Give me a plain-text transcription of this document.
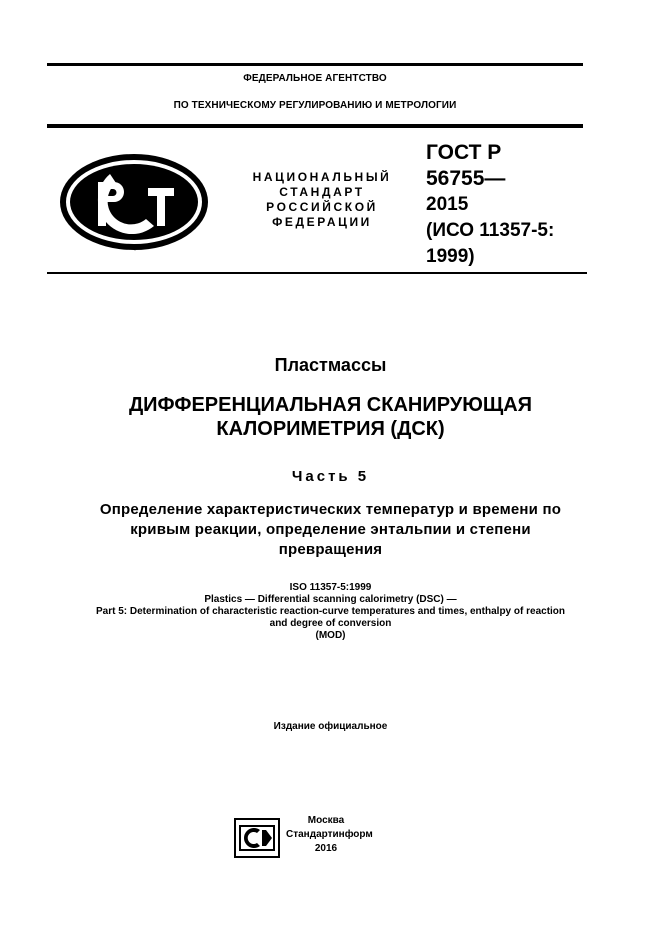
ФЕДЕРАЛЬНОЕ АГЕНТСТВО
ПО ТЕХНИЧЕСКОМУ РЕГУЛИРОВАНИЮ И МЕТРОЛОГИИ
РСТ
НАЦИОНАЛЬНЫЙ
СТАНДАРТ
РОССИЙСКОЙ
ФЕДЕРАЦИИ
ГОСТ Р
56755—
2015
(ИСО 11357-5:
1999)
Пластмассы
ДИФФЕРЕНЦИАЛЬНАЯ СКАНИРУЮЩАЯ
КАЛОРИМЕТРИЯ (ДСК)
Часть 5
Определение характеристических температур и времени по
кривым реакции, определение энтальпии и степени
превращения
ISO 11357-5:1999
Plastics — Differential scanning calorimetry (DSC) —
Part 5: Determination of characteristic reaction-curve temperatures and times, enthalpy of reaction
and degree of conversion
(MOD)
Издание официальное
СИ
Москва
Стандартинформ
2016
